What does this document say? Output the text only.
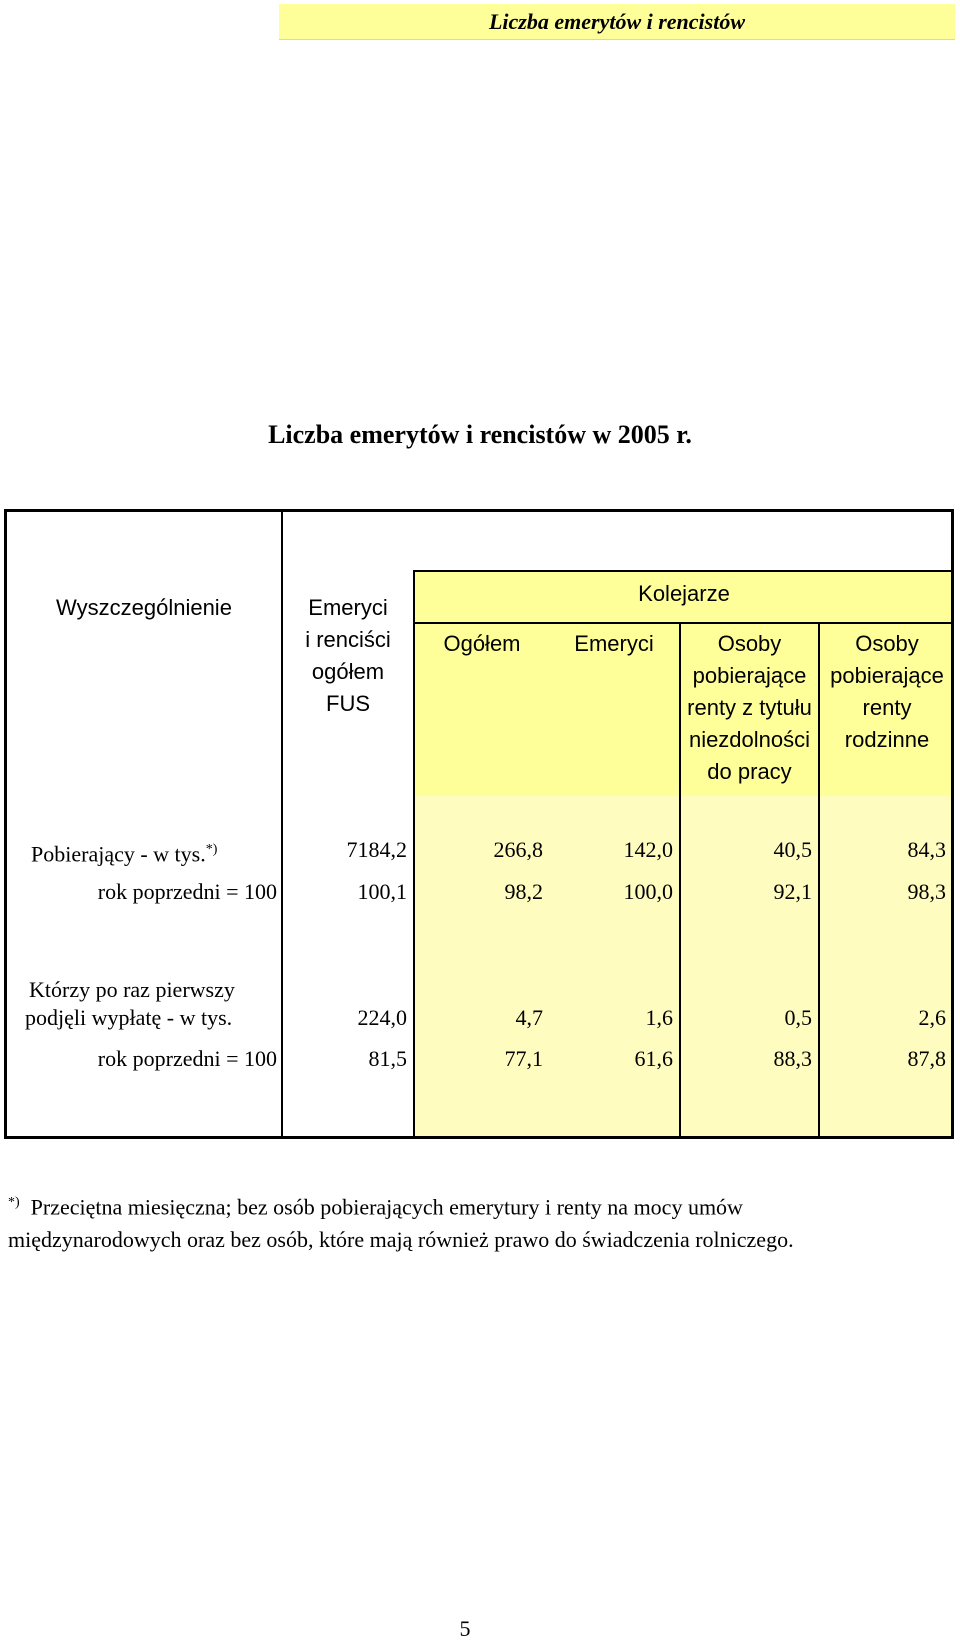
Liczba emerytów i rencistów
Liczba emerytów i rencistów w 2005 r.
Wyszczególnienie	Emeryci
i renciści
ogółem
FUS
Kolejarze
Ogółem	Emeryci	Osoby
pobierające
renty z tytułu
niezdolności
do pracy
Osoby
pobierające
renty
rodzinne
Pobierający - w tys.*)	7184,2	266,8	142,0	40,5	84,3
rok poprzedni = 100	100,1	98,2	100,0	92,1	98,3
Którzy po raz pierwszy
podjęli wypłatę - w tys.	224,0	4,7	1,6	0,5	2,6
rok poprzedni = 100	81,5	77,1	61,6	88,3	87,8
*) Przeciętna miesięczna; bez osób pobierających emerytury i renty na mocy umów
międzynarodowych oraz bez osób, które mają również prawo do świadczenia rolniczego.
5
